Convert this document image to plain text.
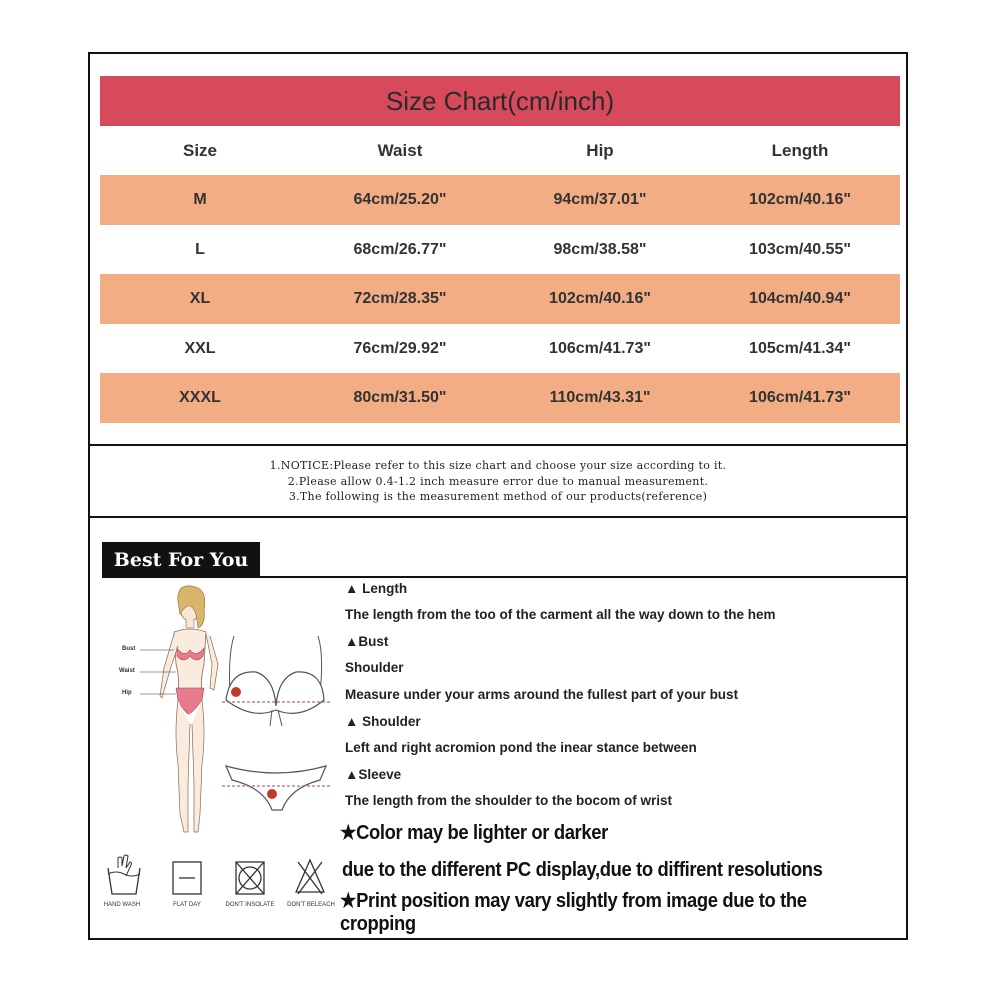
Size Chart(cm/inch)
Size	Waist	Hip	Length
M	64cm/25.20"	94cm/37.01"	102cm/40.16"
L	68cm/26.77"	98cm/38.58"	103cm/40.55"
XL	72cm/28.35"	102cm/40.16"	104cm/40.94"
XXL	76cm/29.92"	106cm/41.73"	105cm/41.34"
XXXL	80cm/31.50"	110cm/43.31"	106cm/41.73"
1.NOTICE:Please refer to this size chart and choose your size according to it.
2.Please allow 0.4-1.2 inch measure error due to manual measurement.
3.The following is the measurement method of our products(reference)
Best For You
Bust
Waist
Hip
▲ Length
The length from the too of the carment all the way down to the hem
▲Bust
Shoulder
Measure under your arms around the fullest part of your bust
▲ Shoulder
Left and right acromion pond the inear stance between
▲Sleeve
The length from the shoulder to the bocom of wrist
★Color may be lighter or darker
due to the different PC display,due to diffirent resolutions
★Print position may vary slightly from image due to the cropping
HAND WASH	FLAT DAY	DON'T INSOLATE	DON'T BELEACH
